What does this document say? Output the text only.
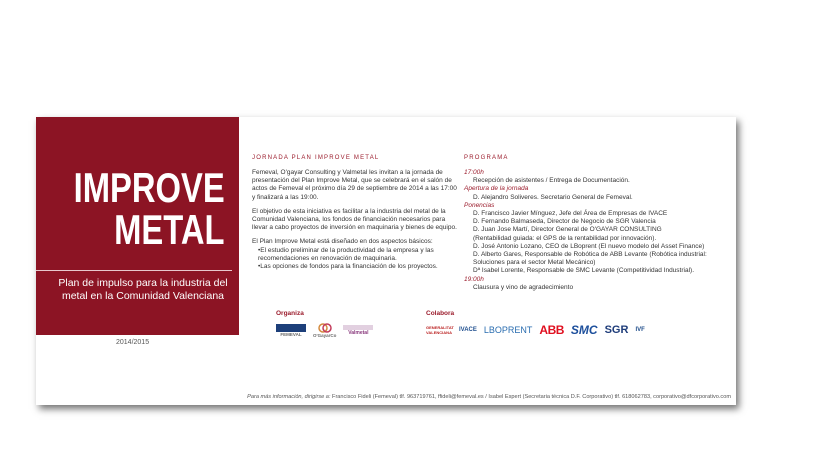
IMPROVE
METAL
Plan de impulso para la industria del metal en la Comunidad Valenciana
2014/2015
JORNADA PLAN IMPROVE METAL

Femeval, O'gayar Consulting y Valmetal les invitan a la jornada de presentación del Plan Improve Metal, que se celebrará en el salón de actos de Femeval el próximo día 29 de septiembre de 2014 a las 17:00 y finalizará a las 19:00.

El objetivo de esta iniciativa es facilitar a la industria del metal de la Comunidad Valenciana, los fondos de financiación necesarios para llevar a cabo proyectos de inversión en maquinaria y bienes de equipo.

El Plan Improve Metal está diseñado en dos aspectos básicos:
•El estudio preliminar de la productividad de la empresa y las recomendaciones en renovación de maquinaria.
•Las opciones de fondos para la financiación de los proyectos.
PROGRAMA
17:00h
Recepción de asistentes / Entrega de Documentación.
Apertura de la jornada
D. Alejandro Soliveres. Secretario General de Femeval.
Ponencias
D. Francisco Javier Mínguez, Jefe del Área de Empresas de IVACE
D. Fernando Balmaseda, Director de Negocio de SGR Valencia
D. Juan Jose Martí, Director General de O'GAYAR CONSULTING
(Rentabilidad guiada: el GPS de la rentabilidad por innovación).
D. José Antonio Lozano, CEO de LBoprent (El nuevo modelo del Asset Finance)
D. Alberto Gares, Responsable de Robótica de ABB Levante (Robótica industrial:
Soluciones para el sector Metal Mecánico)
Dª Isabel Lorente, Responsable de SMC Levante (Competitividad Industrial).
19:00h
Clausura y vino de agradecimiento
Organiza
FEMEVAL	O'GayarCo Valmetal
Colabora
GENERALITAT VALENCIANA IVACE LBOPRENT ABB SMC SGR IVF
Para más información, dirigirse a: Francisco Fideli (Femeval) tlf. 963719761, ffideli@femeval.es / Isabel Espert (Secretaria técnica D.F. Corporativo) tlf. 618062783, corporativo@dfcorporativo.com
